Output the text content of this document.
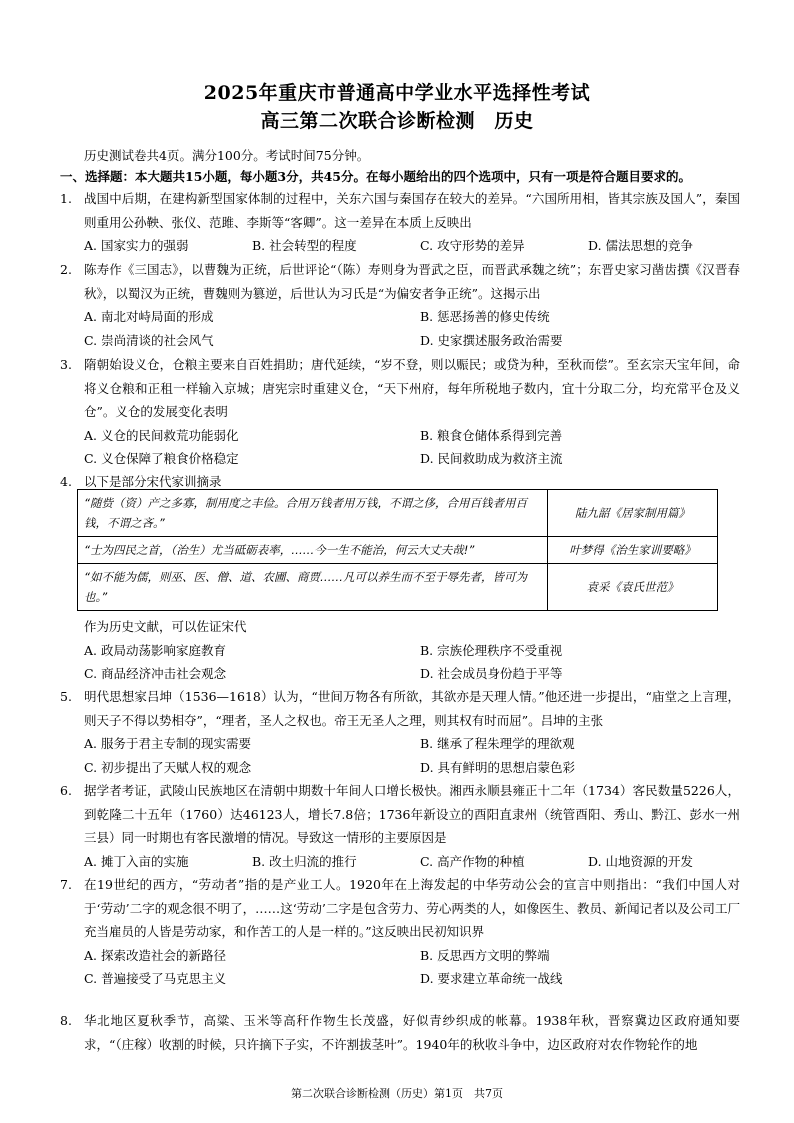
2025年重庆市普通高中学业水平选择性考试
高三第二次联合诊断检测　历史
历史测试卷共4页。满分100分。考试时间75分钟。
一、选择题：本大题共15小题，每小题3分，共45分。在每小题给出的四个选项中，只有一项是符合题目要求的。
1. 战国中后期，在建构新型国家体制的过程中，关东六国与秦国存在较大的差异。“六国所用相，皆其宗族及国人”，秦国则重用公孙鞅、张仪、范雎、李斯等“客卿”。这一差异在本质上反映出
A. 国家实力的强弱	B. 社会转型的程度	C. 攻守形势的差异	D. 儒法思想的竞争
2. 陈寿作《三国志》，以曹魏为正统，后世评论“（陈）寿则身为晋武之臣，而晋武承魏之统”；东晋史家习凿齿撰《汉晋春秋》，以蜀汉为正统，曹魏则为篡逆，后世认为习氏是“为偏安者争正统”。这揭示出
A. 南北对峙局面的形成	B. 惩恶扬善的修史传统
C. 崇尚清谈的社会风气	D. 史家撰述服务政治需要
3. 隋朝始设义仓，仓粮主要来自百姓捐助；唐代延续，“岁不登，则以赈民；或贷为种，至秋而偿”。至玄宗天宝年间，命将义仓粮和正租一样输入京城；唐宪宗时重建义仓，“天下州府，每年所税地子数内，宜十分取二分，均充常平仓及义仓”。义仓的发展变化表明
A. 义仓的民间救荒功能弱化	B. 粮食仓储体系得到完善
C. 义仓保障了粮食价格稳定	D. 民间救助成为救济主流
4. 以下是部分宋代家训摘录
“随赀（资）产之多寡，制用度之丰俭。合用万钱者用万钱，不谓之侈，合用百钱者用百钱，不谓之吝。”	陆九韶《居家制用篇》
“士为四民之首，（治生）尤当砥砺表率，……今一生不能治，何云大丈夫哉!”	叶梦得《治生家训要略》
“如不能为儒，则巫、医、僧、道、农圃、商贾……凡可以养生而不至于辱先者，皆可为也。”	袁采《袁氏世范》
作为历史文献，可以佐证宋代
A. 政局动荡影响家庭教育	B. 宗族伦理秩序不受重视
C. 商品经济冲击社会观念	D. 社会成员身份趋于平等
5. 明代思想家吕坤（1536—1618）认为，“世间万物各有所欲，其欲亦是天理人情。”他还进一步提出，“庙堂之上言理，则天子不得以势相夺”，“理者，圣人之权也。帝王无圣人之理，则其权有时而屈”。吕坤的主张
A. 服务于君主专制的现实需要	B. 继承了程朱理学的理欲观
C. 初步提出了天赋人权的观念	D. 具有鲜明的思想启蒙色彩
6. 据学者考证，武陵山民族地区在清朝中期数十年间人口增长极快。湘西永顺县雍正十二年（1734）客民数量5226人，到乾隆二十五年（1760）达46123人，增长7.8倍；1736年新设立的酉阳直隶州（统管酉阳、秀山、黔江、彭水一州三县）同一时期也有客民激增的情况。导致这一情形的主要原因是
A. 摊丁入亩的实施	B. 改土归流的推行	C. 高产作物的种植	D. 山地资源的开发
7. 在19世纪的西方，“劳动者”指的是产业工人。1920年在上海发起的中华劳动公会的宣言中则指出：“我们中国人对于‘劳动’二字的观念很不明了，……这‘劳动’二字是包含劳力、劳心两类的人，如像医生、教员、新闻记者以及公司工厂充当雇员的人皆是劳动家，和作苦工的人是一样的。”这反映出民初知识界
A. 探索改造社会的新路径	B. 反思西方文明的弊端
C. 普遍接受了马克思主义	D. 要求建立革命统一战线
8. 华北地区夏秋季节，高粱、玉米等高秆作物生长茂盛，好似青纱织成的帐幕。1938年秋，晋察冀边区政府通知要求，“（庄稼）收割的时候，只许摘下子实，不许割拔茎叶”。1940年的秋收斗争中，边区政府对农作物轮作的地
第二次联合诊断检测（历史）第1页　共7页
